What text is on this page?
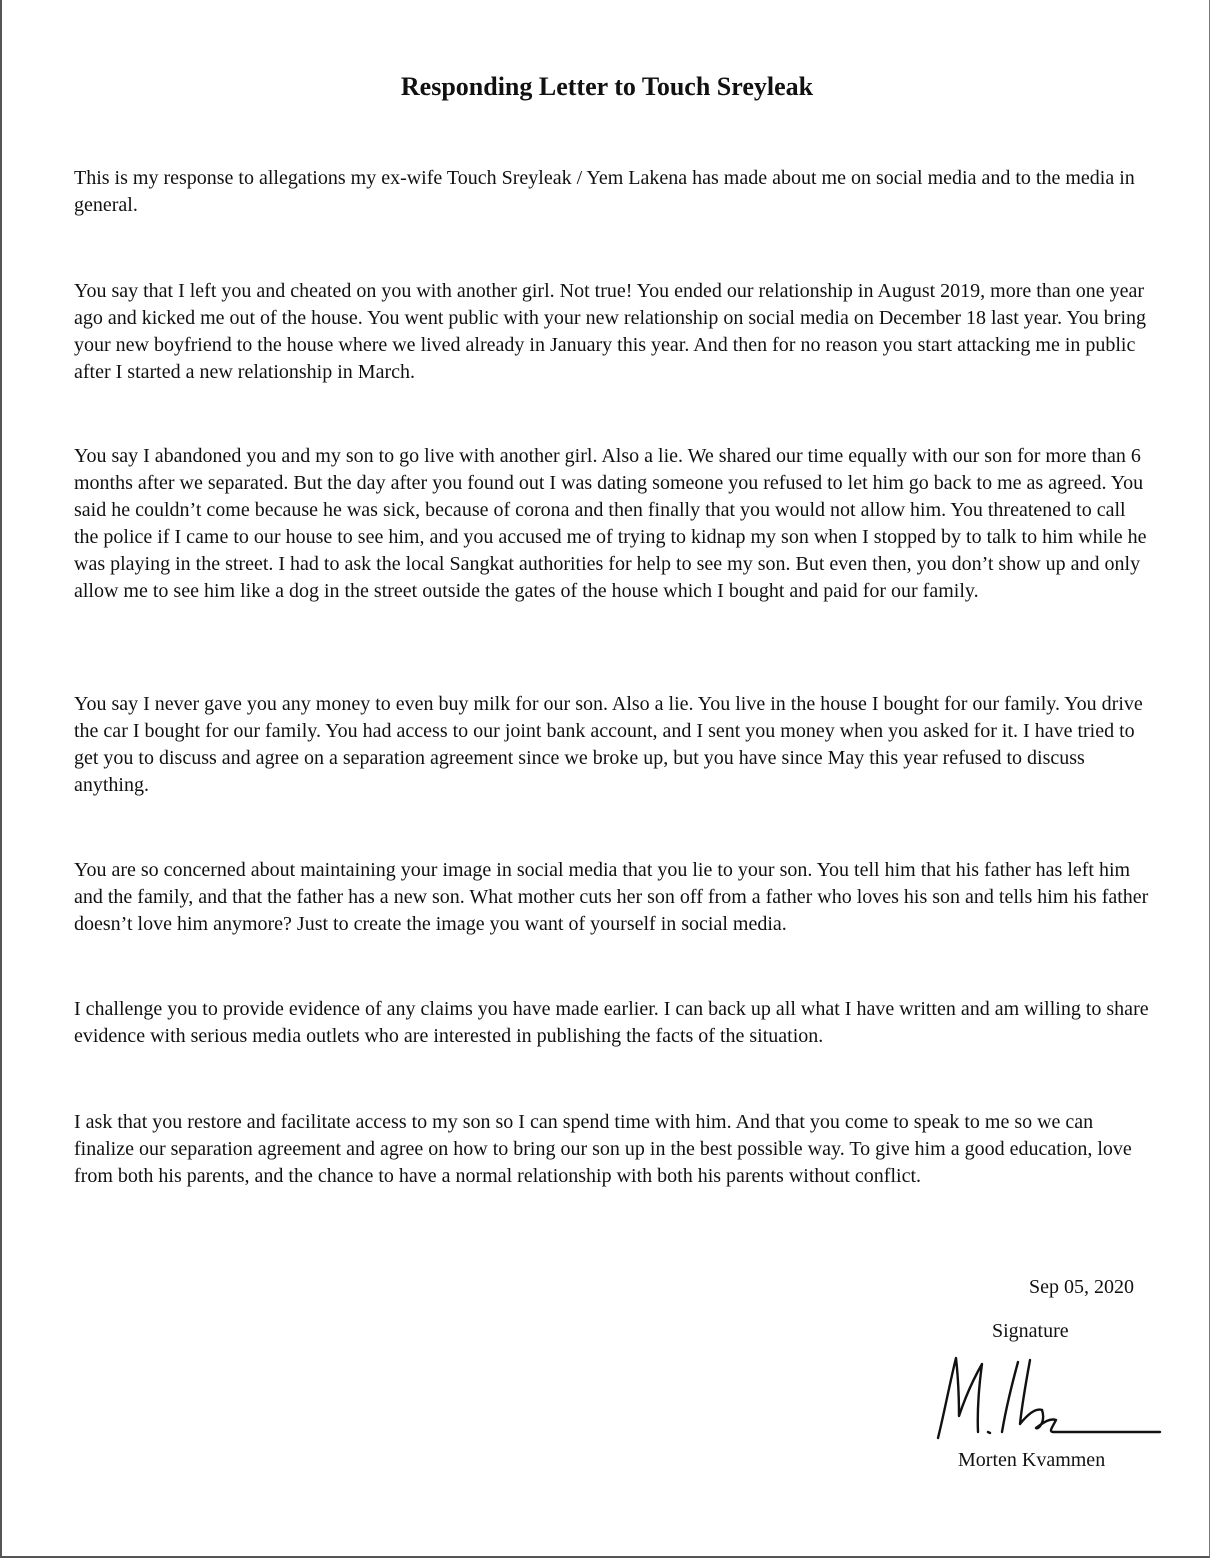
Responding Letter to Touch Sreyleak

This is my response to allegations my ex-wife Touch Sreyleak / Yem Lakena has made about me on social media and to the media in general.

You say that I left you and cheated on you with another girl. Not true! You ended our relationship in August 2019, more than one year ago and kicked me out of the house. You went public with your new relationship on social media on December 18 last year. You bring your new boyfriend to the house where we lived already in January this year. And then for no reason you start attacking me in public after I started a new relationship in March.

You say I abandoned you and my son to go live with another girl. Also a lie. We shared our time equally with our son for more than 6 months after we separated. But the day after you found out I was dating someone you refused to let him go back to me as agreed. You said he couldn’t come because he was sick, because of corona and then finally that you would not allow him. You threatened to call the police if I came to our house to see him, and you accused me of trying to kidnap my son when I stopped by to talk to him while he was playing in the street. I had to ask the local Sangkat authorities for help to see my son. But even then, you don’t show up and only allow me to see him like a dog in the street outside the gates of the house which I bought and paid for our family.

You say I never gave you any money to even buy milk for our son. Also a lie. You live in the house I bought for our family. You drive the car I bought for our family. You had access to our joint bank account, and I sent you money when you asked for it. I have tried to get you to discuss and agree on a separation agreement since we broke up, but you have since May this year refused to discuss anything.

You are so concerned about maintaining your image in social media that you lie to your son. You tell him that his father has left him and the family, and that the father has a new son. What mother cuts her son off from a father who loves his son and tells him his father doesn’t love him anymore? Just to create the image you want of yourself in social media.

I challenge you to provide evidence of any claims you have made earlier. I can back up all what I have written and am willing to share evidence with serious media outlets who are interested in publishing the facts of the situation.

I ask that you restore and facilitate access to my son so I can spend time with him. And that you come to speak to me so we can finalize our separation agreement and agree on how to bring our son up in the best possible way. To give him a good education, love from both his parents, and the chance to have a normal relationship with both his parents without conflict.

Sep 05, 2020

Signature

Morten Kvammen
